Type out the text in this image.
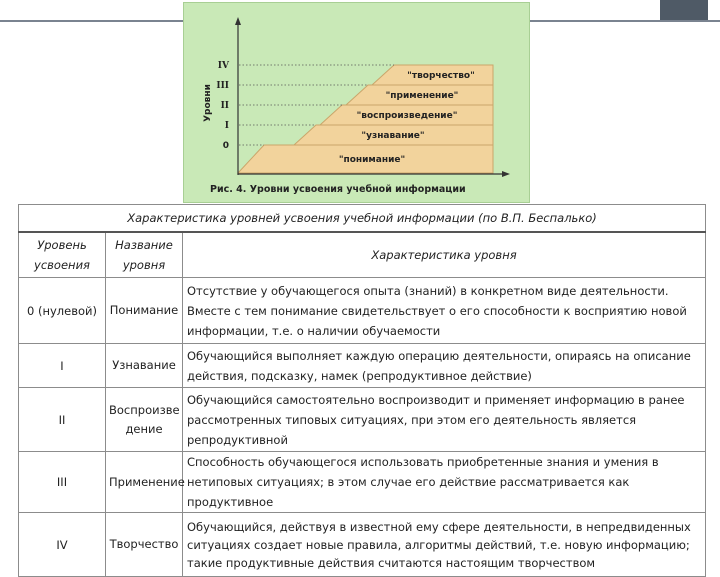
IV
III
II
I
0
Уровни
"творчество"
"применение"
"воспроизведение"
"узнавание"
"понимание"
Рис. 4. Уровни усвоения учебной информации
Характеристика уровней усвоения учебной информации (по В.П. Беспалько)		
Уровень усвоения	Название уровня	Характеристика уровня
0 (нулевой)	Понимание	Отсутствие у обучающегося опыта (знаний) в конкретном виде деятельности. Вместе с тем понимание свидетельствует о его способности к восприятию новой информации, т.е. о наличии обучаемости
I	Узнавание	Обучающийся выполняет каждую операцию деятельности, опираясь на описание действия, подсказку, намек (репродуктивное действие)
II	Воспроизве дение	Обучающийся самостоятельно воспроизводит и применяет информацию в ранее рассмотренных типовых ситуациях, при этом его деятельность является репродуктивной
III	Применение	Способность обучающегося использовать приобретенные знания и умения в нетиповых ситуациях; в этом случае его действие рассматривается как продуктивное
IV	Творчество	Обучающийся, действуя в известной ему сфере деятельности, в непредвиденных ситуациях создает новые правила, алгоритмы действий, т.е. новую информацию; такие продуктивные действия считаются настоящим творчеством
